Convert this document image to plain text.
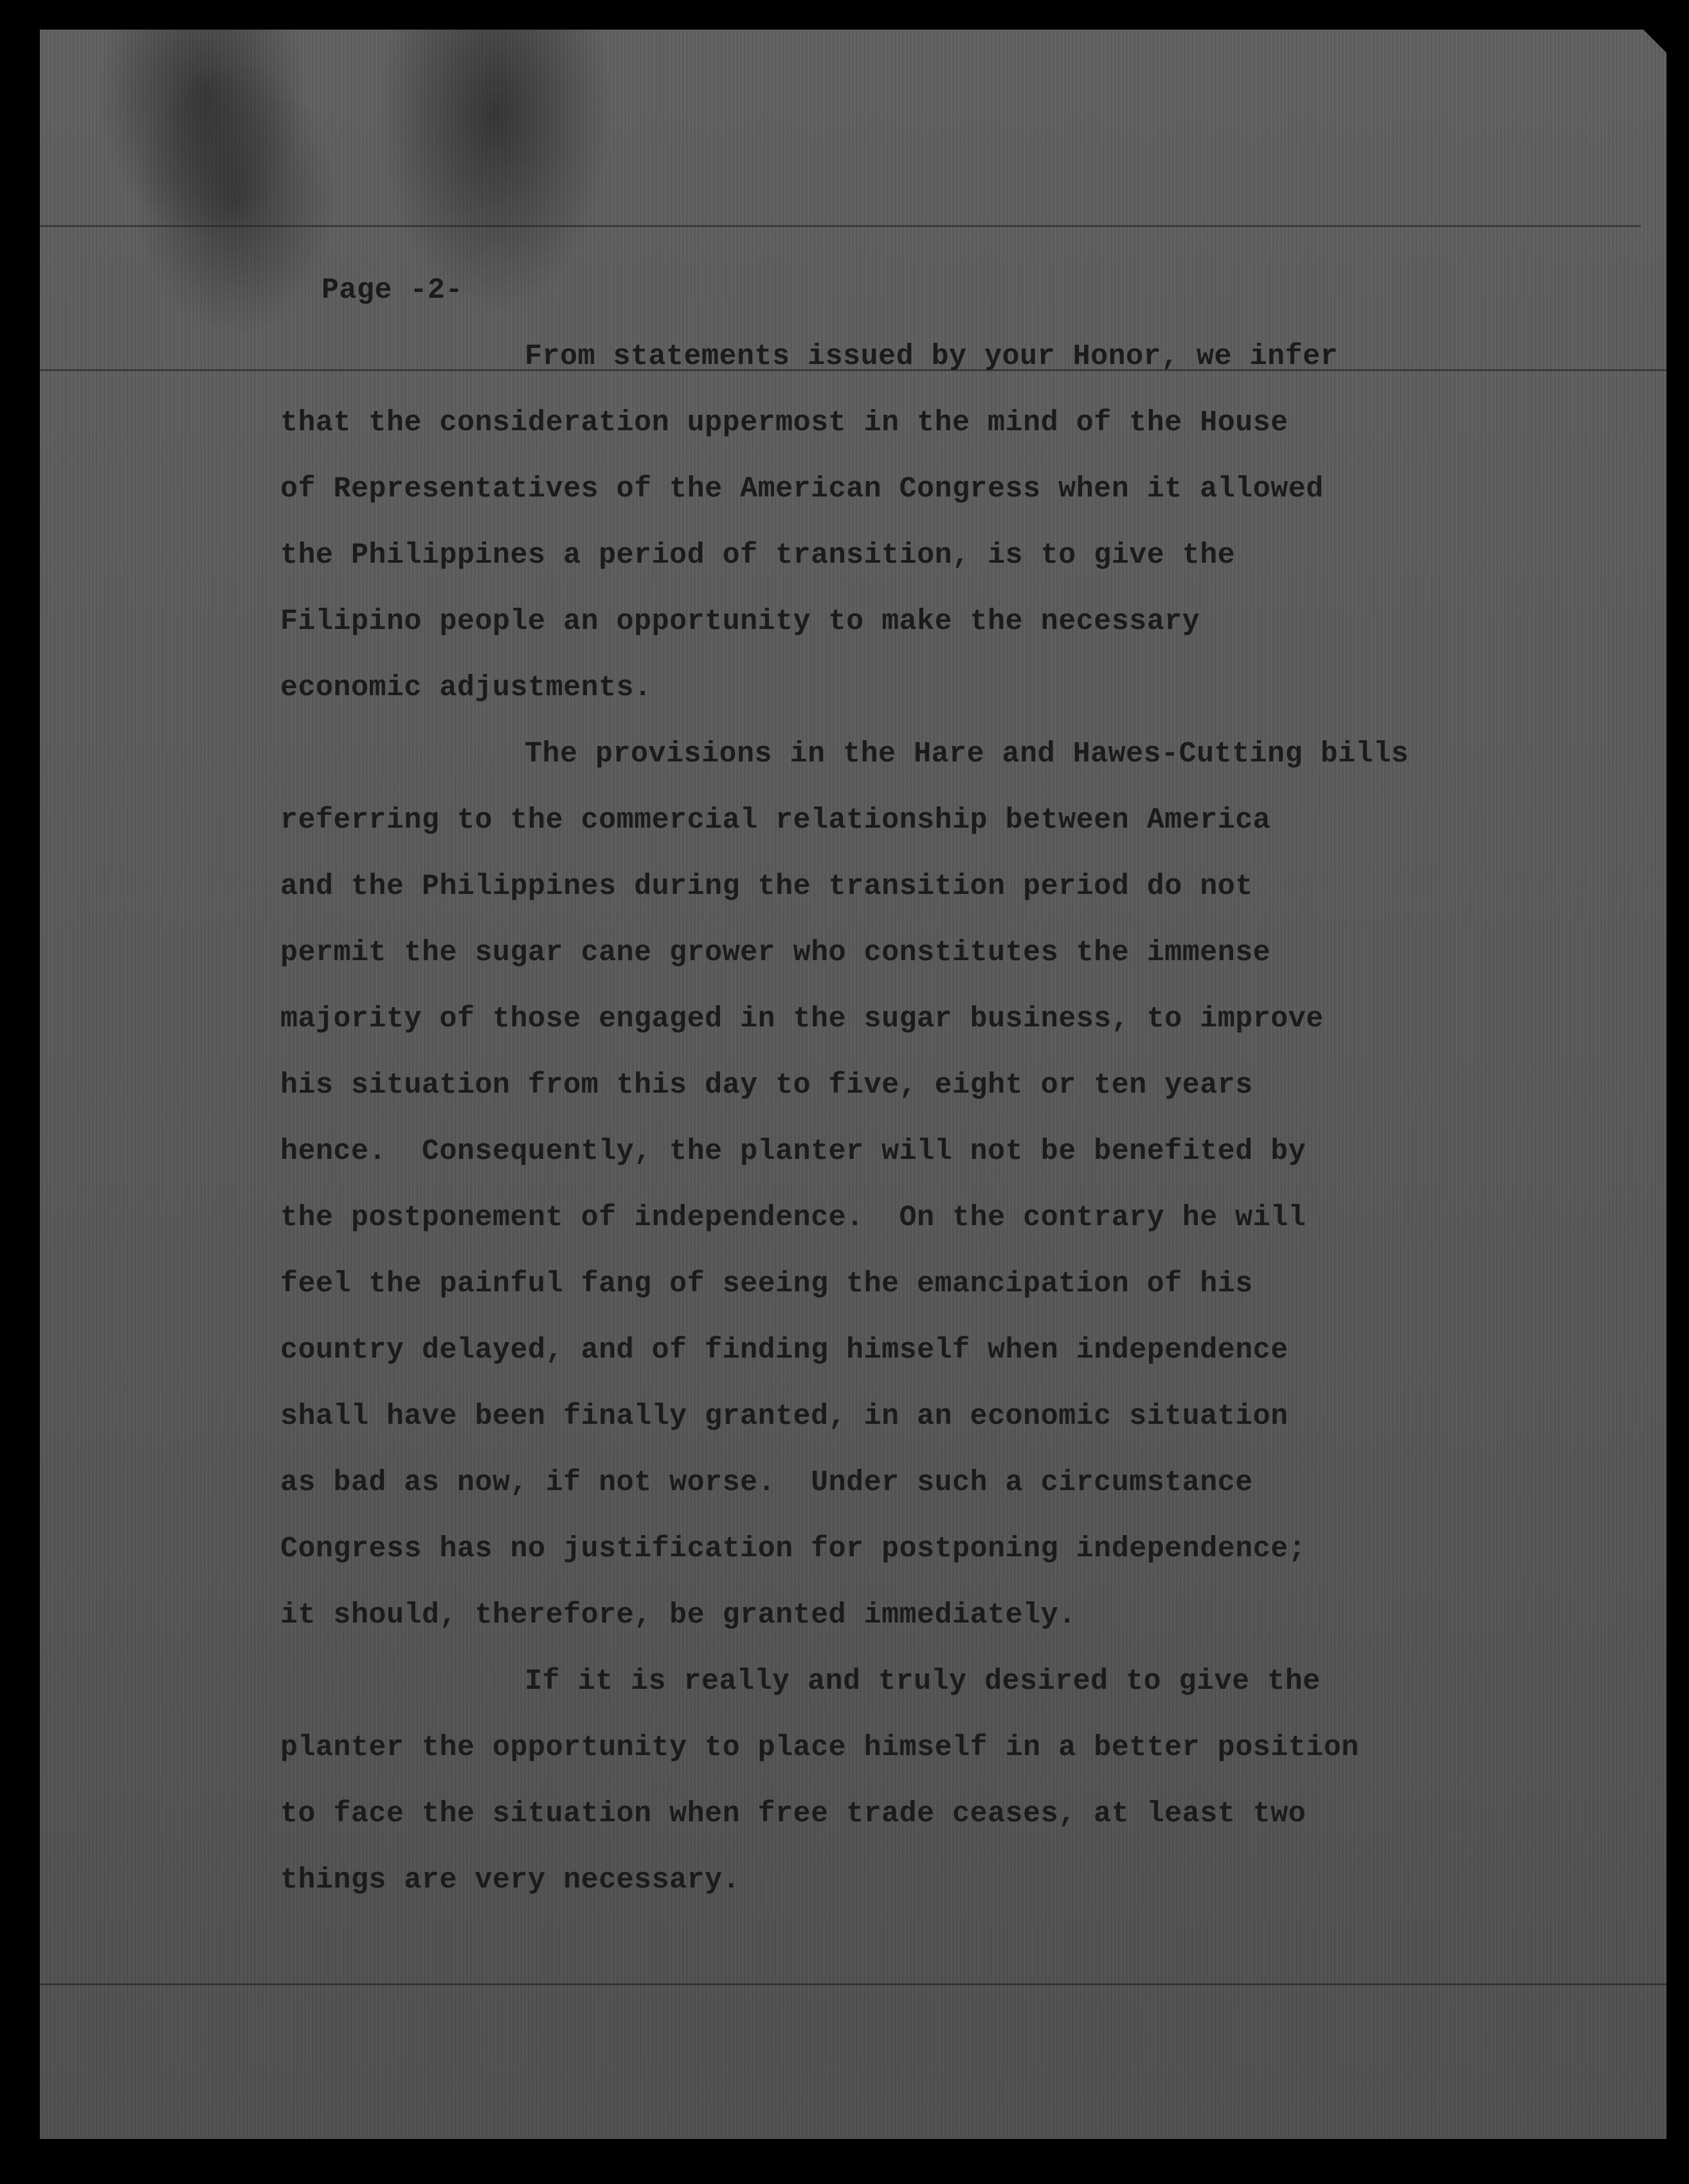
Page -2-
From statements issued by your Honor, we infer
that the consideration uppermost in the mind of the House
of Representatives of the American Congress when it allowed
the Philippines a period of transition, is to give the
Filipino people an opportunity to make the necessary
economic adjustments.
The provisions in the Hare and Hawes-Cutting bills
referring to the commercial relationship between America
and the Philippines during the transition period do not
permit the sugar cane grower who constitutes the immense
majority of those engaged in the sugar business, to improve
his situation from this day to five, eight or ten years
hence.  Consequently, the planter will not be benefited by
the postponement of independence.  On the contrary he will
feel the painful fang of seeing the emancipation of his
country delayed, and of finding himself when independence
shall have been finally granted, in an economic situation
as bad as now, if not worse.  Under such a circumstance
Congress has no justification for postponing independence;
it should, therefore, be granted immediately.
If it is really and truly desired to give the
planter the opportunity to place himself in a better position
to face the situation when free trade ceases, at least two
things are very necessary.
